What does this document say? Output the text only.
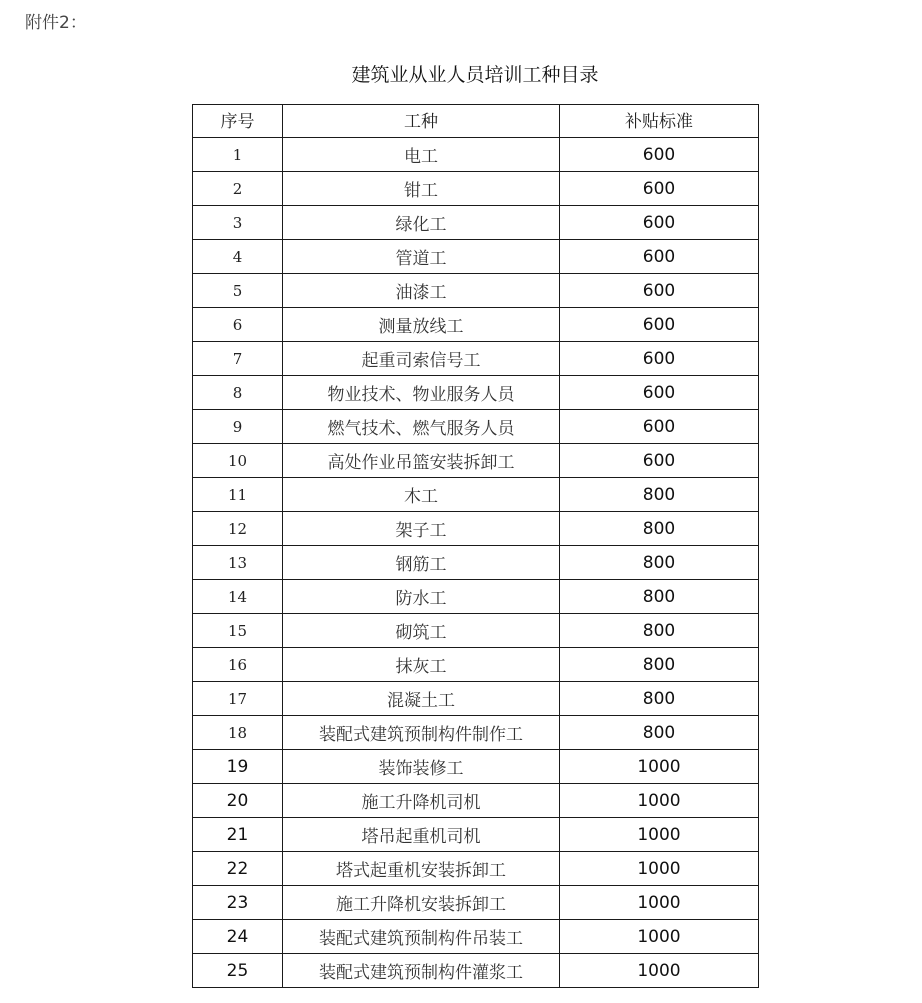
附件2：
建筑业从业人员培训工种目录
序号	工种	补贴标准
1	电工	600
2	钳工	600
3	绿化工	600
4	管道工	600
5	油漆工	600
6	测量放线工	600
7	起重司索信号工	600
8	物业技术、物业服务人员	600
9	燃气技术、燃气服务人员	600
10	高处作业吊篮安装拆卸工	600
11	木工	800
12	架子工	800
13	钢筋工	800
14	防水工	800
15	砌筑工	800
16	抹灰工	800
17	混凝土工	800
18	装配式建筑预制构件制作工	800
19	装饰装修工	1000
20	施工升降机司机	1000
21	塔吊起重机司机	1000
22	塔式起重机安装拆卸工	1000
23	施工升降机安装拆卸工	1000
24	装配式建筑预制构件吊装工	1000
25	装配式建筑预制构件灌浆工	1000
